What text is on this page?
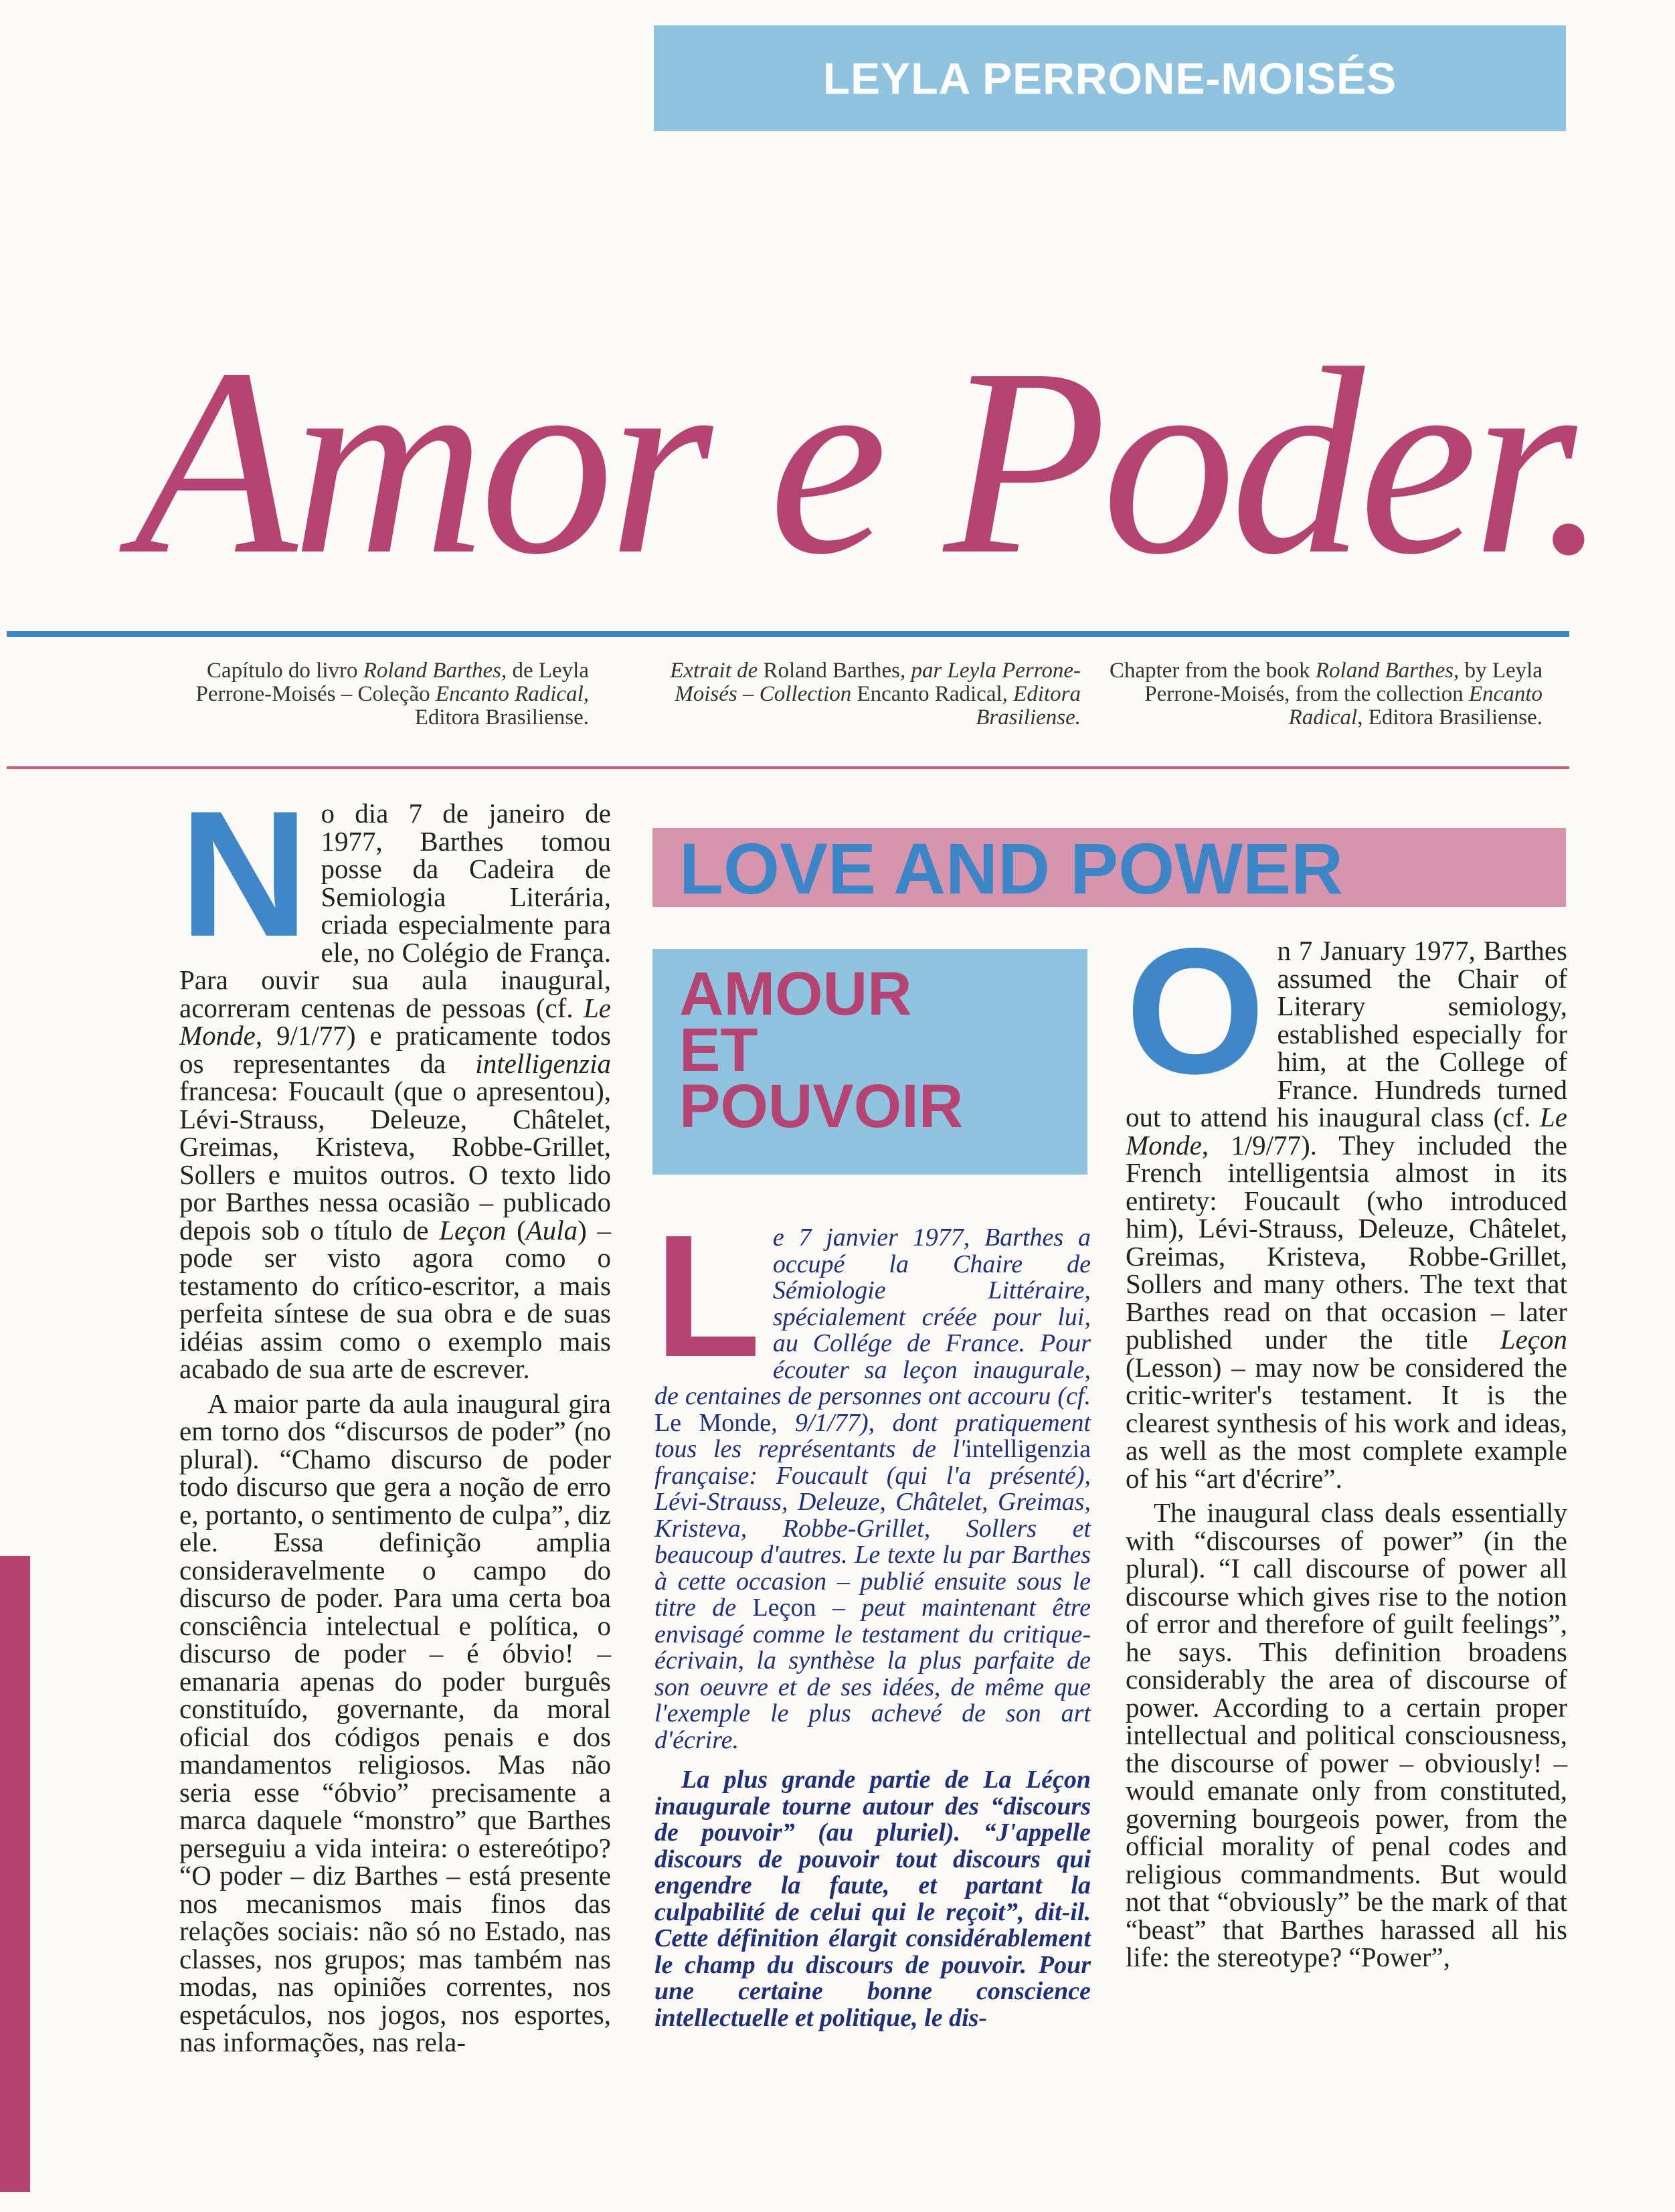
LEYLA PERRONE-MOISÉS
Amor e Poder.
Capítulo do livro Roland Barthes, de Leyla Perrone-Moisés – Coleção Encanto Radical, Editora Brasiliense.
Extrait de Roland Barthes, par Leyla Perrone-Moisés – Collection Encanto Radical, Editora Brasiliense.
Chapter from the book Roland Barthes, by Leyla Perrone-Moisés, from the collection Encanto Radical, Editora Brasiliense.

No dia 7 de janeiro de 1977, Barthes tomou posse da Cadeira de Semiologia Literária, criada especialmente para ele, no Colégio de França. Para ouvir sua aula inaugural, acorreram centenas de pessoas (cf. Le Monde, 9/1/77) e praticamente todos os representantes da intelligenzia francesa: Foucault (que o apresentou), Lévi-Strauss, Deleuze, Châtelet, Greimas, Kristeva, Robbe-Grillet, Sollers e muitos outros. O texto lido por Barthes nessa ocasião – publicado depois sob o título de Leçon (Aula) – pode ser visto agora como o testamento do crítico-escritor, a mais perfeita síntese de sua obra e de suas idéias assim como o exemplo mais acabado de sua arte de escrever.

A maior parte da aula inaugural gira em torno dos “discursos de poder” (no plural). “Chamo discurso de poder todo discurso que gera a noção de erro e, portanto, o sentimento de culpa”, diz ele. Essa definição amplia consideravelmente o campo do discurso de poder. Para uma certa boa consciência intelectual e política, o discurso de poder – é óbvio! – emanaria apenas do poder burguês constituído, governante, da moral oficial dos códigos penais e dos mandamentos religiosos. Mas não seria esse “óbvio” precisamente a marca daquele “monstro” que Barthes perseguiu a vida inteira: o estereótipo? “O poder – diz Barthes – está presente nos mecanismos mais finos das relações sociais: não só no Estado, nas classes, nos grupos; mas também nas modas, nas opiniões correntes, nos espetáculos, nos jogos, nos esportes, nas informações, nas rela-

LOVE AND POWER
AMOUR
ET
POUVOIR

Le 7 janvier 1977, Barthes a occupé la Chaire de Sémiologie Littéraire, spécialement créée pour lui, au Collége de France. Pour écouter sa leçon inaugurale, de centaines de personnes ont accouru (cf. Le Monde, 9/1/77), dont pratiquement tous les représentants de l'intelligenzia française: Foucault (qui l'a présenté), Lévi-Strauss, Deleuze, Châtelet, Greimas, Kristeva, Robbe-Grillet, Sollers et beaucoup d'autres. Le texte lu par Barthes à cette occasion – publié ensuite sous le titre de Leçon – peut maintenant être envisagé comme le testament du critique-écrivain, la synthèse la plus parfaite de son oeuvre et de ses idées, de même que l'exemple le plus achevé de son art d'écrire.

La plus grande partie de La Léçon inaugurale tourne autour des “discours de pouvoir” (au pluriel). “J'appelle discours de pouvoir tout discours qui engendre la faute, et partant la culpabilité de celui qui le reçoit”, dit-il. Cette définition élargit considérablement le champ du discours de pouvoir. Pour une certaine bonne conscience intellectuelle et politique, le dis-

On 7 January 1977, Barthes assumed the Chair of Literary semiology, established especially for him, at the College of France. Hundreds turned out to attend his inaugural class (cf. Le Monde, 1/9/77). They included the French intelligentsia almost in its entirety: Foucault (who introduced him), Lévi-Strauss, Deleuze, Châtelet, Greimas, Kristeva, Robbe-Grillet, Sollers and many others. The text that Barthes read on that occasion – later published under the title Leçon (Lesson) – may now be considered the critic-writer's testament. It is the clearest synthesis of his work and ideas, as well as the most complete example of his “art d'écrire”.

The inaugural class deals essentially with “discourses of power” (in the plural). “I call discourse of power all discourse which gives rise to the notion of error and therefore of guilt feelings”, he says. This definition broadens considerably the area of discourse of power. According to a certain proper intellectual and political consciousness, the discourse of power – obviously! – would emanate only from constituted, governing bourgeois power, from the official morality of penal codes and religious commandments. But would not that “obviously” be the mark of that “beast” that Barthes harassed all his life: the stereotype? “Power”,
